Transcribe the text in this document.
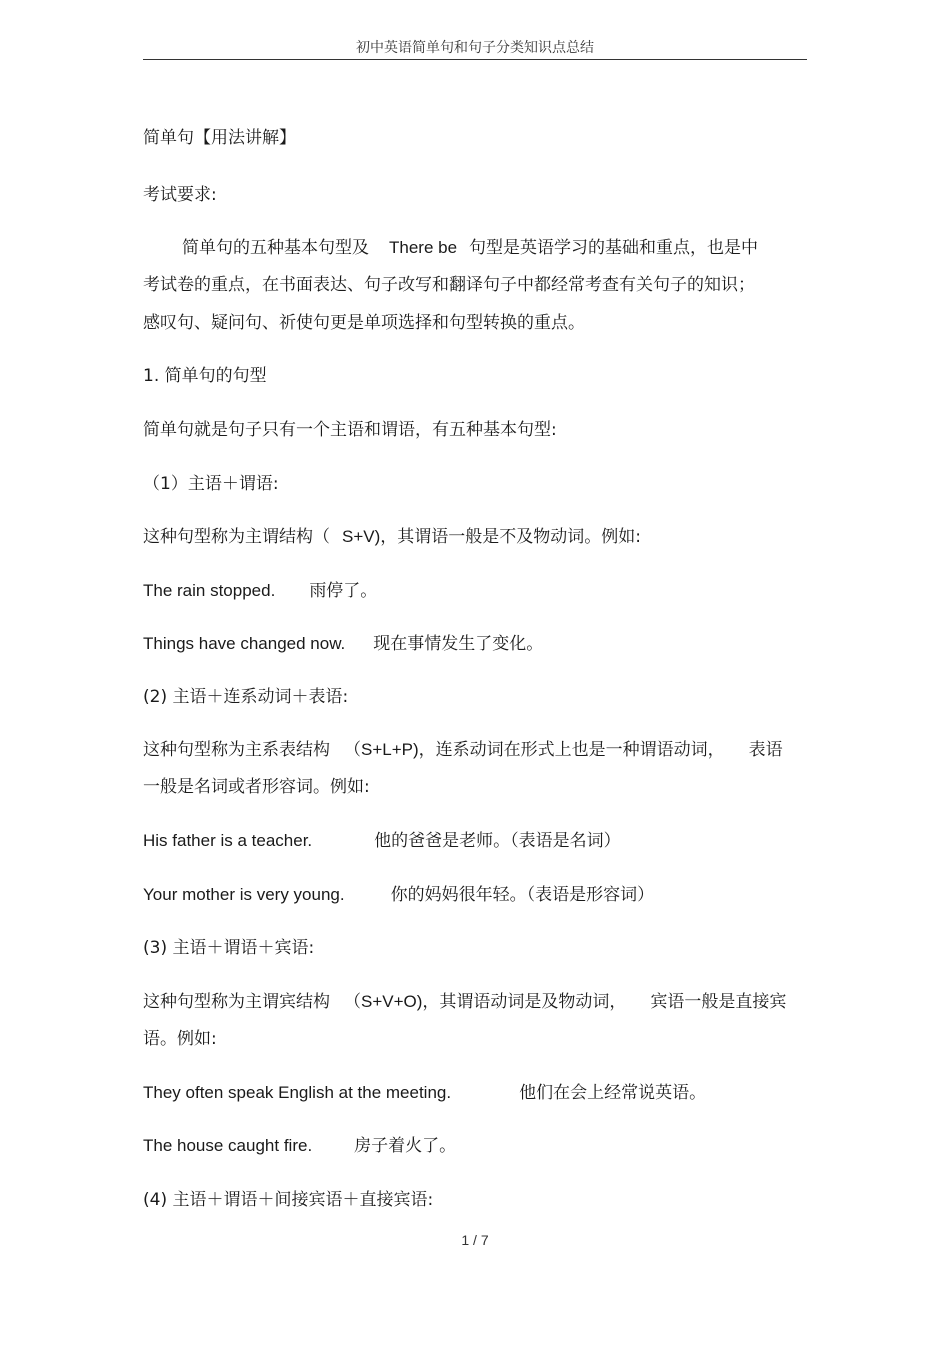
初中英语简单句和句子分类知识点总结
简单句【用法讲解】
考试要求:
简单句的五种基本句型及 There be 句型是英语学习的基础和重点，也是中
考试卷的重点，在书面表达、句子改写和翻译句子中都经常考查有关句子的知识；
感叹句、疑问句、祈使句更是单项选择和句型转换的重点。
1. 简单句的句型
简单句就是句子只有一个主语和谓语，有五种基本句型:
（1）主语＋谓语:
这种句型称为主谓结构（ S+V)，其谓语一般是不及物动词。例如:
The rain stopped. 雨停了。
Things have changed now. 现在事情发生了变化。
(2) 主语＋连系动词＋表语:
这种句型称为主系表结构 （S+L+P)，连系动词在形式上也是一种谓语动词， 表语
一般是名词或者形容词。例如:
His father is a teacher.	他的爸爸是老师。（表语是名词）
Your mother is very young.	你的妈妈很年轻。（表语是形容词）
(3) 主语＋谓语＋宾语:
这种句型称为主谓宾结构 （S+V+O)，其谓语动词是及物动词， 宾语一般是直接宾
语。例如:
They often speak English at the meeting.	他们在会上经常说英语。
The house caught fire. 房子着火了。
(4) 主语＋谓语＋间接宾语＋直接宾语:
1 / 7
